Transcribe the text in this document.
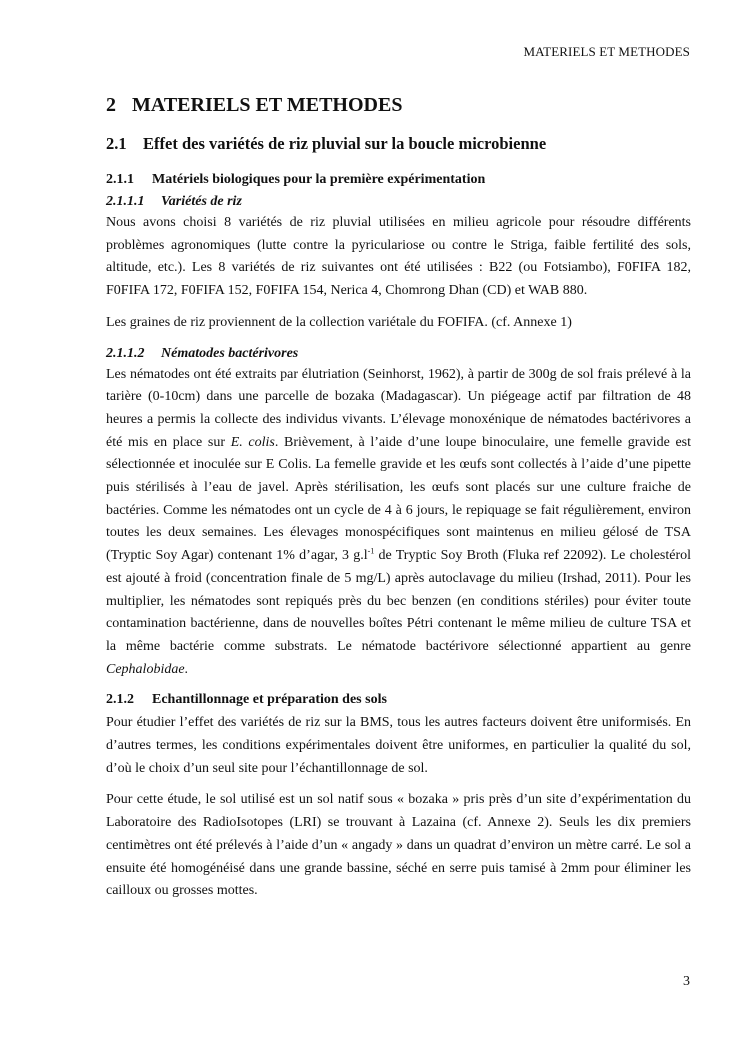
MATERIELS ET METHODES
2 MATERIELS ET METHODES
2.1 Effet des variétés de riz pluvial sur la boucle microbienne
2.1.1 Matériels biologiques pour la première expérimentation
2.1.1.1 Variétés de riz

Nous avons choisi 8 variétés de riz pluvial utilisées en milieu agricole pour résoudre différents problèmes agronomiques (lutte contre la pyriculariose ou contre le Striga, faible fertilité des sols, altitude, etc.). Les 8 variétés de riz suivantes ont été utilisées : B22 (ou Fotsiambo), F0FIFA 182, F0FIFA 172, F0FIFA 152, F0FIFA 154, Nerica 4, Chomrong Dhan (CD) et WAB 880.

Les graines de riz proviennent de la collection variétale du FOFIFA. (cf. Annexe 1)

2.1.1.2 Nématodes bactérivores

Les nématodes ont été extraits par élutriation (Seinhorst, 1962), à partir de 300g de sol frais prélevé à la tarière (0-10cm) dans une parcelle de bozaka (Madagascar). Un piégeage actif par filtration de 48 heures a permis la collecte des individus vivants. L’élevage monoxénique de nématodes bactérivores a été mis en place sur E. colis. Brièvement, à l’aide d’une loupe binoculaire, une femelle gravide est sélectionnée et inoculée sur E Colis. La femelle gravide et les œufs sont collectés à l’aide d’une pipette puis stérilisés à l’eau de javel. Après stérilisation, les œufs sont placés sur une culture fraiche de bactéries. Comme les nématodes ont un cycle de 4 à 6 jours, le repiquage se fait régulièrement, environ toutes les deux semaines. Les élevages monospécifiques sont maintenus en milieu gélosé de TSA (Tryptic Soy Agar) contenant 1% d’agar, 3 $g.l^{-1}$ de Tryptic Soy Broth (Fluka ref 22092). Le cholestérol est ajouté à froid (concentration finale de 5 mg/L) après autoclavage du milieu (Irshad, 2011). Pour les multiplier, les nématodes sont repiqués près du bec benzen (en conditions stériles) pour éviter toute contamination bactérienne, dans de nouvelles boîtes Pétri contenant le même milieu de culture TSA et la même bactérie comme substrats. Le nématode bactérivore sélectionné appartient au genre Cephalobidae.

2.1.2 Echantillonnage et préparation des sols

Pour étudier l’effet des variétés de riz sur la BMS, tous les autres facteurs doivent être uniformisés. En d’autres termes, les conditions expérimentales doivent être uniformes, en particulier la qualité du sol, d’où le choix d’un seul site pour l’échantillonnage de sol.

Pour cette étude, le sol utilisé est un sol natif sous « bozaka » pris près d’un site d’expérimentation du Laboratoire des RadioIsotopes (LRI) se trouvant à Lazaina (cf. Annexe 2). Seuls les dix premiers centimètres ont été prélevés à l’aide d’un « angady » dans un quadrat d’environ un mètre carré. Le sol a ensuite été homogénéisé dans une grande bassine, séché en serre puis tamisé à 2mm pour éliminer les cailloux ou grosses mottes.

3
